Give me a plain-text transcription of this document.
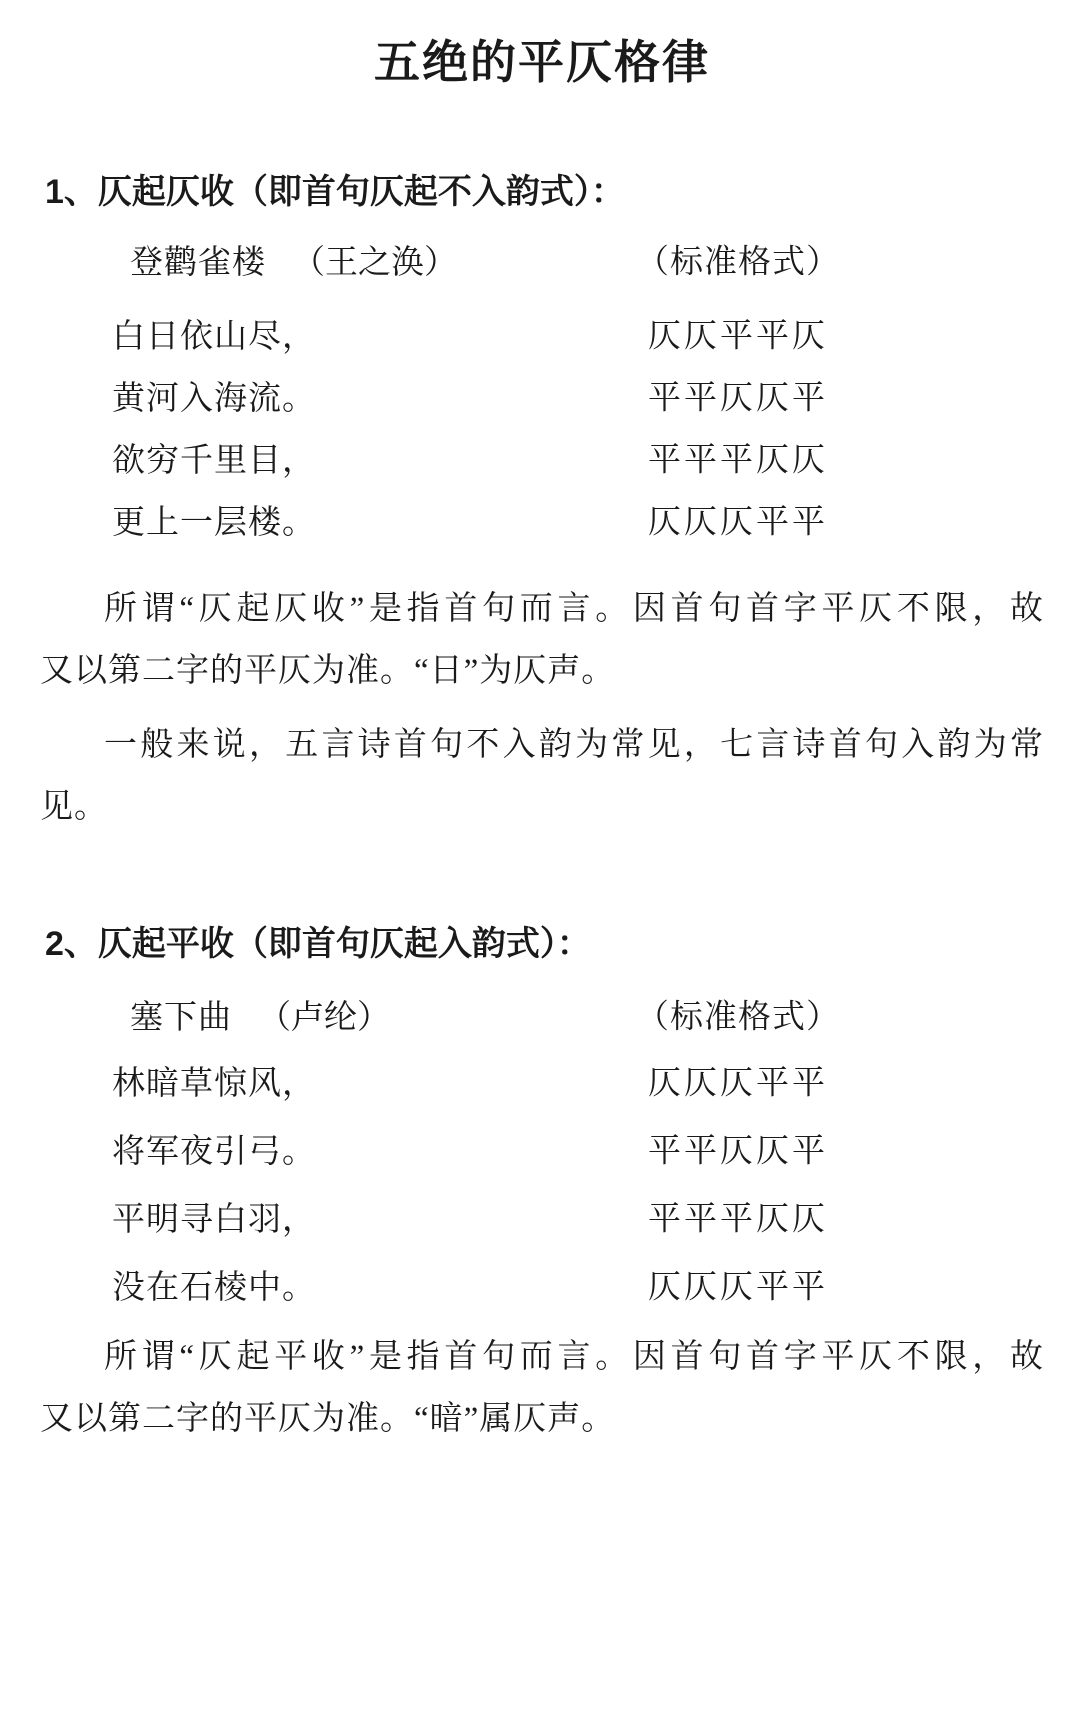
五绝的平仄格律
1、仄起仄收（即首句仄起不入韵式）：
登鹳雀楼 （王之涣）	（标准格式）
白日依山尽，	仄仄平平仄
黄河入海流。	平平仄仄平
欲穷千里目，	平平平仄仄
更上一层楼。	仄仄仄平平
所谓“仄起仄收”是指首句而言。因首句首字平仄不限，故
又以第二字的平仄为准。“日”为仄声。
一般来说，五言诗首句不入韵为常见，七言诗首句入韵为常
见。
2、仄起平收（即首句仄起入韵式）：
塞下曲 （卢纶）	（标准格式）
林暗草惊风，	仄仄仄平平
将军夜引弓。	平平仄仄平
平明寻白羽，	平平平仄仄
没在石棱中。	仄仄仄平平
所谓“仄起平收”是指首句而言。因首句首字平仄不限，故
又以第二字的平仄为准。“暗”属仄声。
